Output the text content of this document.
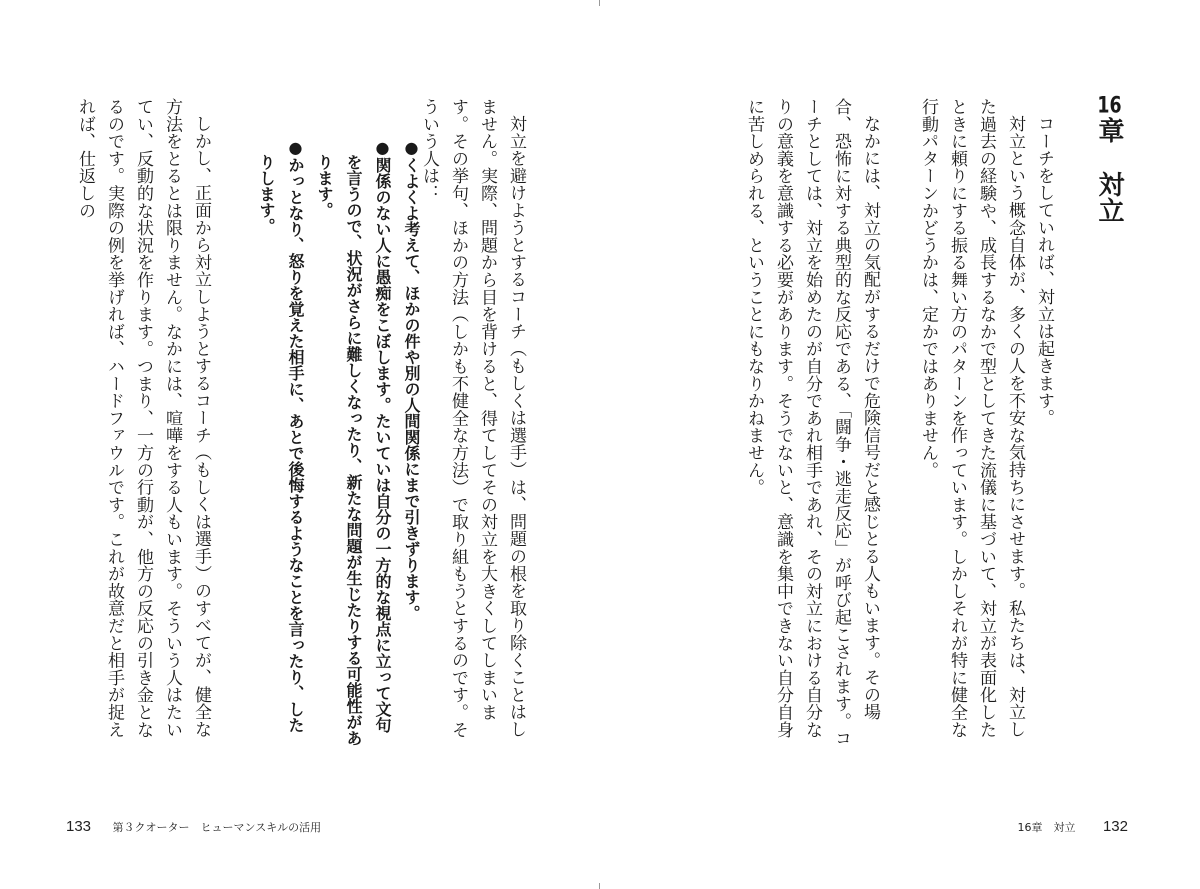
対立を避けようとするコーチ（もしくは選手）は、問題の根を取り除くことはしません。実際、問題から目を背けると、得てしてその対立を大きくしてしまいます。その挙句、ほかの方法（しかも不健全な方法）で取り組もうとするのです。そういう人は：

●くよくよ考えて、ほかの件や別の人間関係にまで引きずります。

●関係のない人に愚痴をこぼします。たいていは自分の一方的な視点に立って文句を言うので、状況がさらに難しくなったり、新たな問題が生じたりする可能性があります。

●かっとなり、怒りを覚えた相手に、あとで後悔するようなことを言ったり、したりします。

しかし、正面から対立しようとするコーチ（もしくは選手）のすべてが、健全な方法をとるとは限りません。なかには、喧嘩をする人もいます。そういう人はたいてい、反動的な状況を作ります。つまり、一方の行動が、他方の反応の引き金となるのです。実際の例を挙げれば、ハードファウルです。これが故意だと相手が捉えれば、仕返しの

133 第３クオーター　ヒューマンスキルの活用
16章対立

コーチをしていれば、対立は起きます。

対立という概念自体が、多くの人を不安な気持ちにさせます。私たちは、対立した過去の経験や、成長するなかで型としてきた流儀に基づいて、対立が表面化したときに頼りにする振る舞い方のパターンを作っています。しかしそれが特に健全な行動パターンかどうかは、定かではありません。

なかには、対立の気配がするだけで危険信号だと感じとる人もいます。その場合、恐怖に対する典型的な反応である、「闘争・逃走反応」が呼び起こされます。コーチとしては、対立を始めたのが自分であれ相手であれ、その対立における自分なりの意義を意識する必要があります。そうでないと、意識を集中できない自分自身に苦しめられる、ということにもなりかねません。

16章　対立 132
